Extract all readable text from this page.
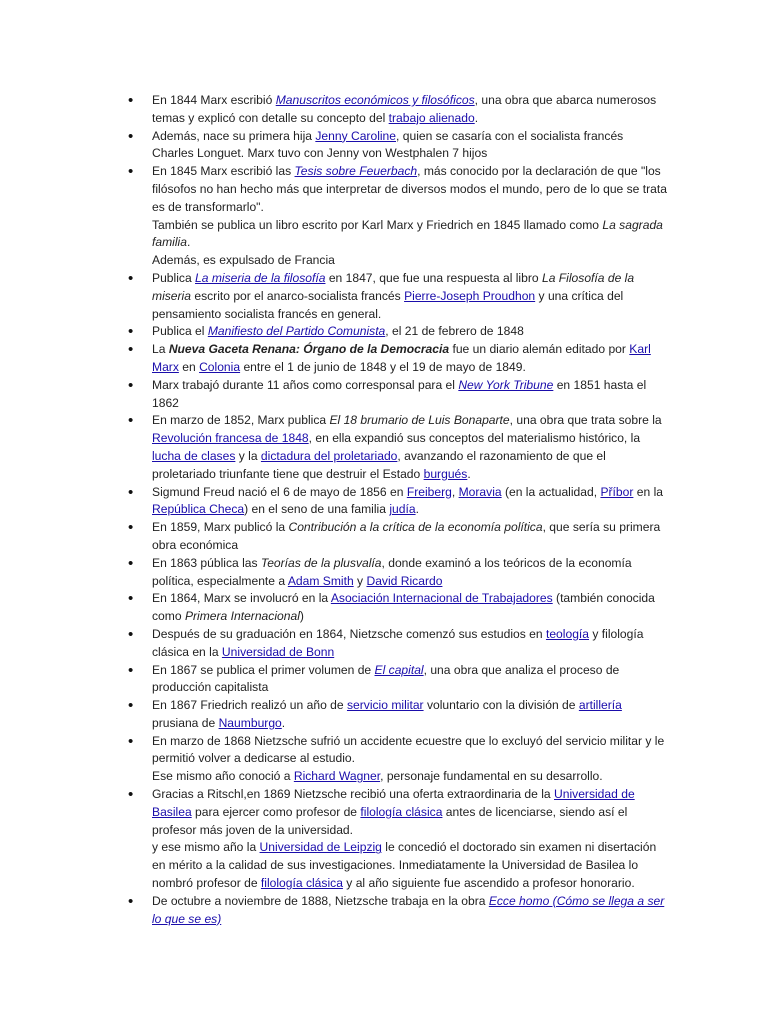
• En 1844 Marx escribió Manuscritos económicos y filosóficos, una obra que abarca numerosos temas y explicó con detalle su concepto del trabajo alienado.
• Además, nace su primera hija Jenny Caroline, quien se casaría con el socialista francés Charles Longuet. Marx tuvo con Jenny von Westphalen 7 hijos
• En 1845 Marx escribió las Tesis sobre Feuerbach, más conocido por la declaración de que "los filósofos no han hecho más que interpretar de diversos modos el mundo, pero de lo que se trata es de transformarlo".
También se publica un libro escrito por Karl Marx y Friedrich en 1845 llamado como La sagrada familia.
Además, es expulsado de Francia
• Publica La miseria de la filosofía en 1847, que fue una respuesta al libro La Filosofía de la miseria escrito por el anarco-socialista francés Pierre-Joseph Proudhon y una crítica del pensamiento socialista francés en general.
• Publica el Manifiesto del Partido Comunista, el 21 de febrero de 1848
• La Nueva Gaceta Renana: Órgano de la Democracia fue un diario alemán editado por Karl Marx en Colonia entre el 1 de junio de 1848 y el 19 de mayo de 1849.
• Marx trabajó durante 11 años como corresponsal para el New York Tribune en 1851 hasta el 1862
• En marzo de 1852, Marx publica El 18 brumario de Luis Bonaparte, una obra que trata sobre la Revolución francesa de 1848, en ella expandió sus conceptos del materialismo histórico, la lucha de clases y la dictadura del proletariado, avanzando el razonamiento de que el proletariado triunfante tiene que destruir el Estado burgués.
• Sigmund Freud nació el 6 de mayo de 1856 en Freiberg, Moravia (en la actualidad, Příbor en la República Checa) en el seno de una familia judía.
• En 1859, Marx publicó la Contribución a la crítica de la economía política, que sería su primera obra económica
• En 1863 pública las Teorías de la plusvalía, donde examinó a los teóricos de la economía política, especialmente a Adam Smith y David Ricardo
• En 1864, Marx se involucró en la Asociación Internacional de Trabajadores (también conocida como Primera Internacional)
• Después de su graduación en 1864, Nietzsche comenzó sus estudios en teología y filología clásica en la Universidad de Bonn
• En 1867 se publica el primer volumen de El capital, una obra que analiza el proceso de producción capitalista
• En 1867 Friedrich realizó un año de servicio militar voluntario con la división de artillería prusiana de Naumburgo.
• En marzo de 1868 Nietzsche sufrió un accidente ecuestre que lo excluyó del servicio militar y le permitió volver a dedicarse al estudio.
Ese mismo año conoció a Richard Wagner, personaje fundamental en su desarrollo.
• Gracias a Ritschl,en 1869 Nietzsche recibió una oferta extraordinaria de la Universidad de Basilea para ejercer como profesor de filología clásica antes de licenciarse, siendo así el profesor más joven de la universidad.
y ese mismo año la Universidad de Leipzig le concedió el doctorado sin examen ni disertación en mérito a la calidad de sus investigaciones. Inmediatamente la Universidad de Basilea lo nombró profesor de filología clásica y al año siguiente fue ascendido a profesor honorario.
• De octubre a noviembre de 1888, Nietzsche trabaja en la obra Ecce homo (Cómo se llega a ser lo que se es)
